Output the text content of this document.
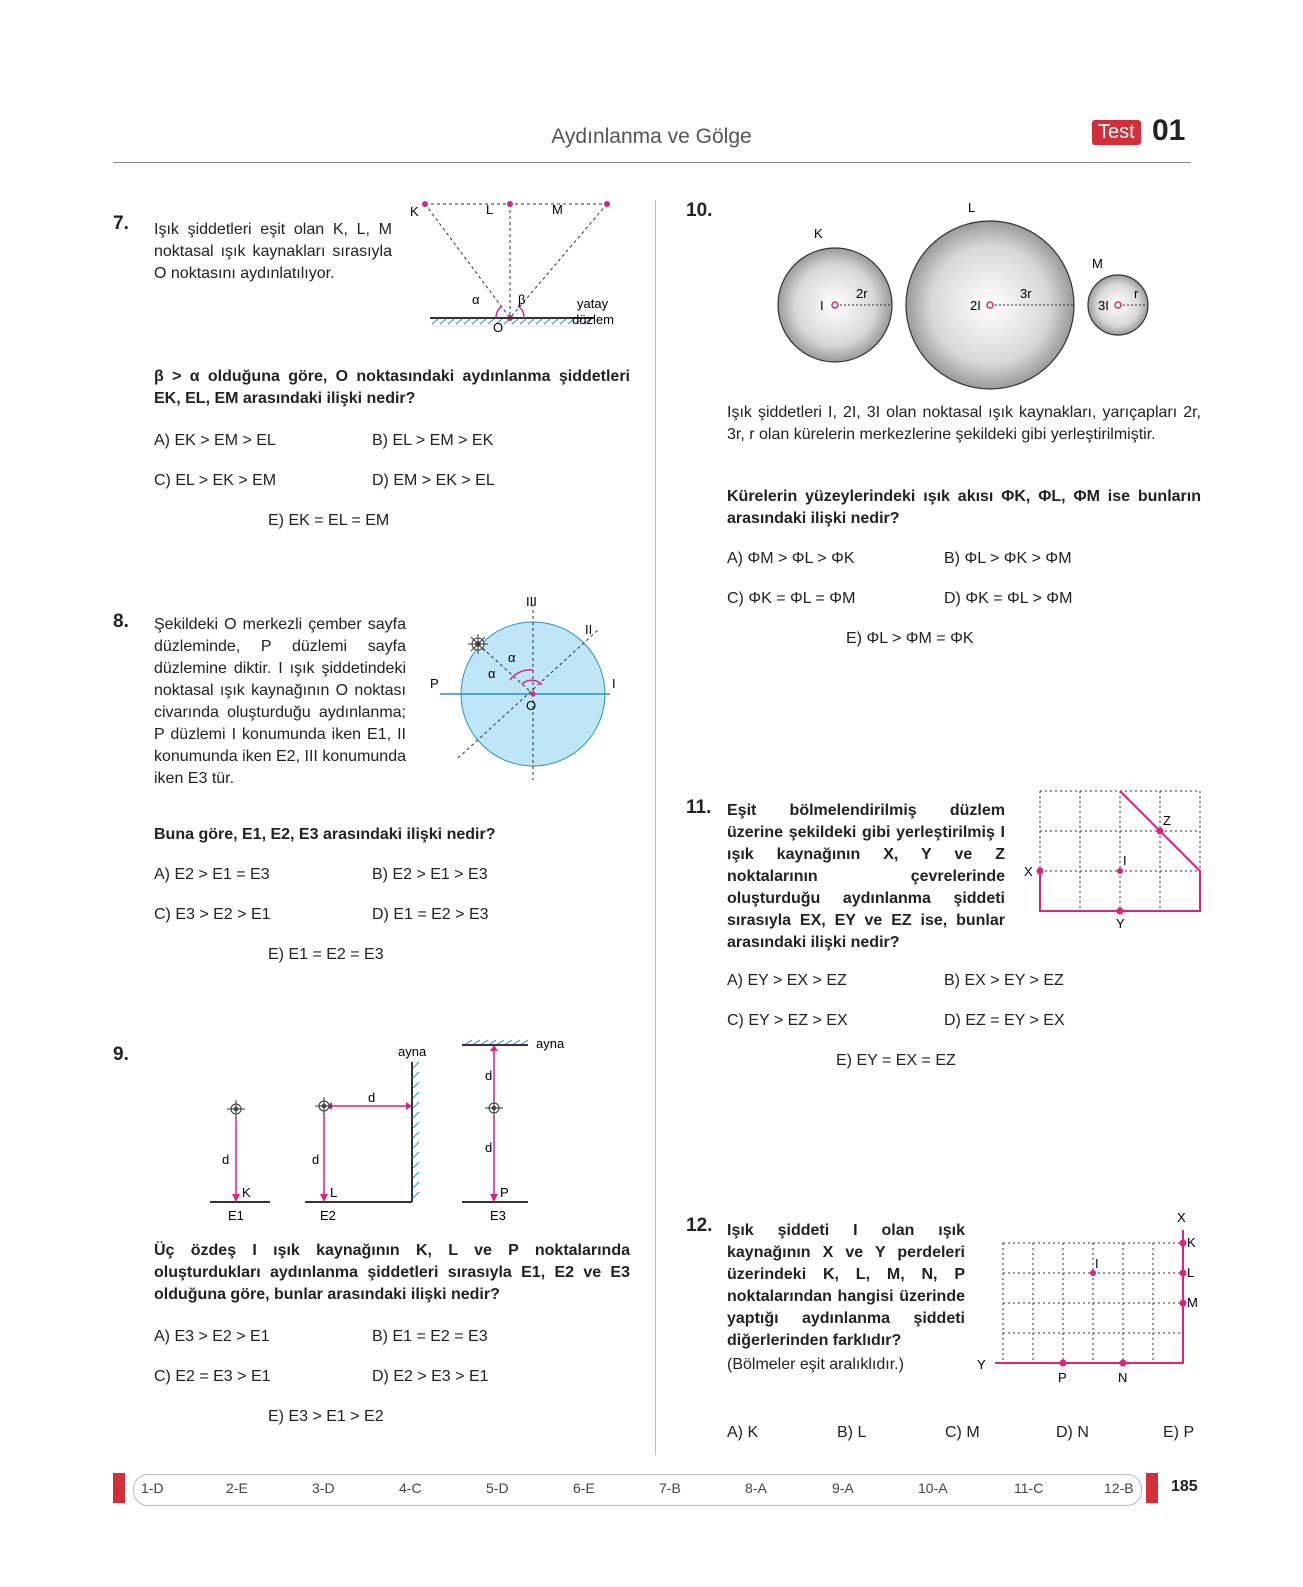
Aydınlanma ve Gölge	Test 01
7. Işık şiddetleri eşit olan K, L, M noktasal ışık kaynakları sırasıyla O noktasını aydınlatılıyor.
K	L	M
O
α	β	yatay
düzlem
β > α olduğuna göre, O noktasındaki aydınlanma şiddetleri EK, EL, EM arasındaki ilişki nedir?
A) EK > EM > EL	B) EL > EM > EK
C) EL > EK > EM	D) EM > EK > EL
E) EK = EL = EM
8. Şekildeki O merkezli çember sayfa düzleminde, P düzlemi sayfa düzlemine diktir. I ışık şiddetindeki noktasal ışık kaynağının O noktası civarında oluşturduğu aydınlanma; P düzlemi I konumunda iken E1, II konumunda iken E2, III konumunda iken E3 tür.
P
O
I
II
III
α
α
Buna göre, E1, E2, E3 arasındaki ilişki nedir?
A) E2 > E1 = E3	B) E2 > E1 > E3
C) E3 > E2 > E1	D) E1 = E2 > E3
E) E1 = E2 = E3
9.
d
K
E1
d
d
L
ayna
E2
d
d
P
ayna
E3
Üç özdeş I ışık kaynağının K, L ve P noktalarında oluşturdukları aydınlanma şiddetleri sırasıyla E1, E2 ve E3 olduğuna göre, bunlar arasındaki ilişki nedir?
A) E3 > E2 > E1	B) E1 = E2 = E3
C) E2 = E3 > E1	D) E2 > E3 > E1
E) E3 > E1 > E2
10.
K
L
M
I	2I	3I
2r	3r	r
Işık şiddetleri I, 2I, 3I olan noktasal ışık kaynakları, yarıçapları 2r, 3r, r olan kürelerin merkezlerine şekildeki gibi yerleştirilmiştir.
Kürelerin yüzeylerindeki ışık akısı ΦK, ΦL, ΦM ise bunların arasındaki ilişki nedir?
A) ΦM > ΦL > ΦK	B) ΦL > ΦK > ΦM
C) ΦK = ΦL = ΦM	D) ΦK = ΦL > ΦM
E) ΦL > ΦM = ΦK
11. Eşit bölmelendirilmiş düzlem üzerine şekildeki gibi yerleştirilmiş I ışık kaynağının X, Y ve Z noktalarının çevrelerinde oluşturduğu aydınlanma şiddeti sırasıyla EX, EY ve EZ ise, bunlar arasındaki ilişki nedir?
X
Y
Z
I
A) EY > EX > EZ	B) EX > EY > EZ
C) EY > EZ > EX	D) EZ = EY > EX
E) EY = EX = EZ
12. Işık şiddeti I olan ışık kaynağının X ve Y perdeleri üzerindeki K, L, M, N, P noktalarından hangisi üzerinde yaptığı aydınlanma şiddeti diğerlerinden farklıdır?
(Bölmeler eşit aralıklıdır.)
X
Y
K
L
M
N
P
I
A) K	B) L	C) M	D) N	E) P
1-D	2-E	3-D	4-C	5-D	6-E	7-B	8-A	9-A	10-A	11-C	12-B 185
